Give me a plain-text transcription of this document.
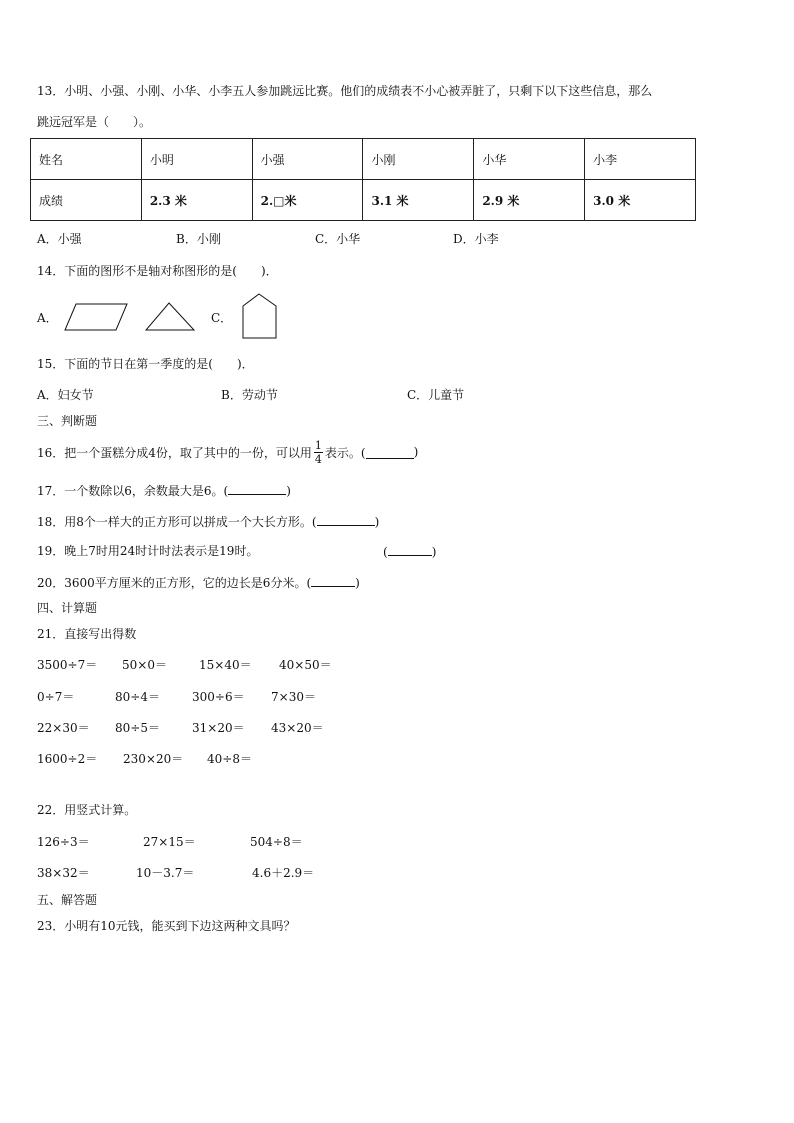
13．小明、小强、小刚、小华、小李五人参加跳远比赛。他们的成绩表不小心被弄脏了，只剩下以下这些信息，那么
跳远冠军是（　　）。
姓名	小明	小强	小刚	小华	小李
成绩	2.3 米	2.□米	3.1 米	2.9 米	3.0 米
A．小强	B．小刚	C．小华	D．小李
14．下面的图形不是轴对称图形的是(　　)．
A．	C．
15．下面的节日在第一季度的是(　　)．
A．妇女节	B．劳动节	C．儿童节
三、判断题
16．把一个蛋糕分成4份，取了其中的一份，可以用 $\frac{1}{4}$ 表示。(	)
17．一个数除以6，余数最大是6。(	)
18．用8个一样大的正方形可以拼成一个大长方形。(	)
19．晚上7时用24时计时法表示是19时。	(	)
20．3600平方厘米的正方形，它的边长是6分米。(	)
四、计算题
21．直接写出得数
3500÷7＝ 50×0＝	15×40＝ 40×50＝
0÷7＝	80÷4＝	300÷6＝ 7×30＝
22×30＝ 80÷5＝	31×20＝ 43×20＝
1600÷2＝ 230×20＝ 40÷8＝
22．用竖式计算。
126÷3＝	27×15＝	504÷8＝
38×32＝	10－3.7＝	4.6＋2.9＝
五、解答题
23．小明有10元钱，能买到下边这两种文具吗？
